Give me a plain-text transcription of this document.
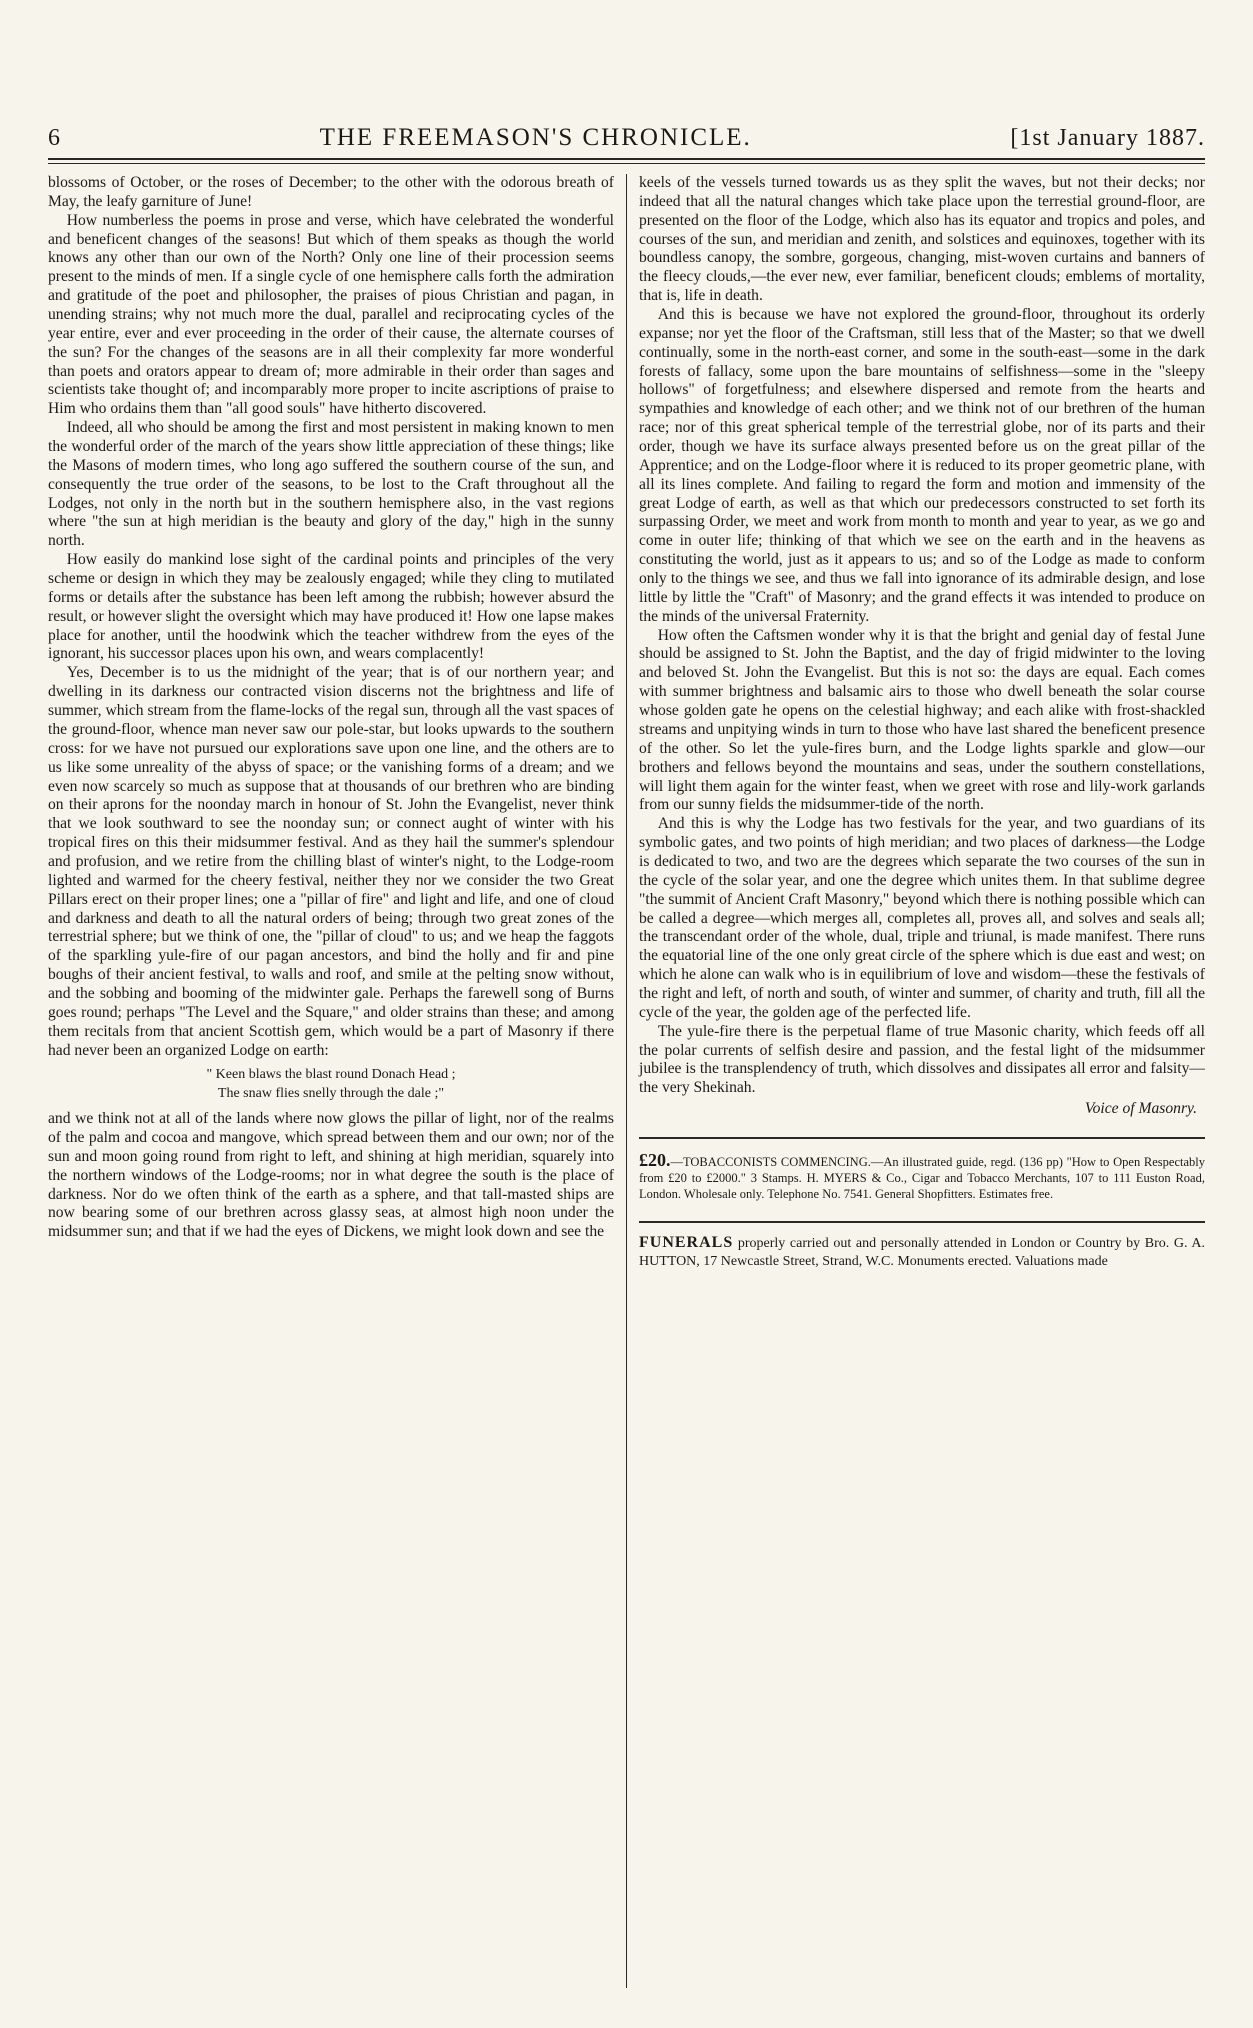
6	THE FREEMASON'S CHRONICLE.	[1st January 1887.

blossoms of October, or the roses of December; to the other with the odorous breath of May, the leafy garniture of June!

How numberless the poems in prose and verse, which have celebrated the wonderful and beneficent changes of the seasons! But which of them speaks as though the world knows any other than our own of the North? Only one line of their procession seems present to the minds of men. If a single cycle of one hemisphere calls forth the admiration and gratitude of the poet and philosopher, the praises of pious Christian and pagan, in unending strains; why not much more the dual, parallel and reciprocating cycles of the year entire, ever and ever proceeding in the order of their cause, the alternate courses of the sun? For the changes of the seasons are in all their complexity far more wonderful than poets and orators appear to dream of; more admirable in their order than sages and scientists take thought of; and incomparably more proper to incite ascriptions of praise to Him who ordains them than "all good souls" have hitherto discovered.

Indeed, all who should be among the first and most persistent in making known to men the wonderful order of the march of the years show little appreciation of these things; like the Masons of modern times, who long ago suffered the southern course of the sun, and consequently the true order of the seasons, to be lost to the Craft throughout all the Lodges, not only in the north but in the southern hemisphere also, in the vast regions where "the sun at high meridian is the beauty and glory of the day," high in the sunny north.

How easily do mankind lose sight of the cardinal points and principles of the very scheme or design in which they may be zealously engaged; while they cling to mutilated forms or details after the substance has been left among the rubbish; however absurd the result, or however slight the oversight which may have produced it! How one lapse makes place for another, until the hoodwink which the teacher withdrew from the eyes of the ignorant, his successor places upon his own, and wears complacently!

Yes, December is to us the midnight of the year; that is of our northern year; and dwelling in its darkness our contracted vision discerns not the brightness and life of summer, which stream from the flame-locks of the regal sun, through all the vast spaces of the ground-floor, whence man never saw our pole-star, but looks upwards to the southern cross: for we have not pursued our explorations save upon one line, and the others are to us like some unreality of the abyss of space; or the vanishing forms of a dream; and we even now scarcely so much as suppose that at thousands of our brethren who are binding on their aprons for the noonday march in honour of St. John the Evangelist, never think that we look southward to see the noonday sun; or connect aught of winter with his tropical fires on this their midsummer festival. And as they hail the summer's splendour and profusion, and we retire from the chilling blast of winter's night, to the Lodge-room lighted and warmed for the cheery festival, neither they nor we consider the two Great Pillars erect on their proper lines; one a "pillar of fire" and light and life, and one of cloud and darkness and death to all the natural orders of being; through two great zones of the terrestrial sphere; but we think of one, the "pillar of cloud" to us; and we heap the faggots of the sparkling yule-fire of our pagan ancestors, and bind the holly and fir and pine boughs of their ancient festival, to walls and roof, and smile at the pelting snow without, and the sobbing and booming of the midwinter gale. Perhaps the farewell song of Burns goes round; perhaps "The Level and the Square," and older strains than these; and among them recitals from that ancient Scottish gem, which would be a part of Masonry if there had never been an organized Lodge on earth:

" Keen blaws the blast round Donach Head ;
The snaw flies snelly through the dale ;"

and we think not at all of the lands where now glows the pillar of light, nor of the realms of the palm and cocoa and mangove, which spread between them and our own; nor of the sun and moon going round from right to left, and shining at high meridian, squarely into the northern windows of the Lodge-rooms; nor in what degree the south is the place of darkness. Nor do we often think of the earth as a sphere, and that tall-masted ships are now bearing some of our brethren across glassy seas, at almost high noon under the midsummer sun; and that if we had the eyes of Dickens, we might look down and see the

keels of the vessels turned towards us as they split the waves, but not their decks; nor indeed that all the natural changes which take place upon the terrestial ground-floor, are presented on the floor of the Lodge, which also has its equator and tropics and poles, and courses of the sun, and meridian and zenith, and solstices and equinoxes, together with its boundless canopy, the sombre, gorgeous, changing, mist-woven curtains and banners of the fleecy clouds,—the ever new, ever familiar, beneficent clouds; emblems of mortality, that is, life in death.

And this is because we have not explored the ground-floor, throughout its orderly expanse; nor yet the floor of the Craftsman, still less that of the Master; so that we dwell continually, some in the north-east corner, and some in the south-east—some in the dark forests of fallacy, some upon the bare mountains of selfishness—some in the "sleepy hollows" of forgetfulness; and elsewhere dispersed and remote from the hearts and sympathies and knowledge of each other; and we think not of our brethren of the human race; nor of this great spherical temple of the terrestrial globe, nor of its parts and their order, though we have its surface always presented before us on the great pillar of the Apprentice; and on the Lodge-floor where it is reduced to its proper geometric plane, with all its lines complete. And failing to regard the form and motion and immensity of the great Lodge of earth, as well as that which our predecessors constructed to set forth its surpassing Order, we meet and work from month to month and year to year, as we go and come in outer life; thinking of that which we see on the earth and in the heavens as constituting the world, just as it appears to us; and so of the Lodge as made to conform only to the things we see, and thus we fall into ignorance of its admirable design, and lose little by little the "Craft" of Masonry; and the grand effects it was intended to produce on the minds of the universal Fraternity.

How often the Caftsmen wonder why it is that the bright and genial day of festal June should be assigned to St. John the Baptist, and the day of frigid midwinter to the loving and beloved St. John the Evangelist. But this is not so: the days are equal. Each comes with summer brightness and balsamic airs to those who dwell beneath the solar course whose golden gate he opens on the celestial highway; and each alike with frost-shackled streams and unpitying winds in turn to those who have last shared the beneficent presence of the other. So let the yule-fires burn, and the Lodge lights sparkle and glow—our brothers and fellows beyond the mountains and seas, under the southern constellations, will light them again for the winter feast, when we greet with rose and lily-work garlands from our sunny fields the midsummer-tide of the north.

And this is why the Lodge has two festivals for the year, and two guardians of its symbolic gates, and two points of high meridian; and two places of darkness—the Lodge is dedicated to two, and two are the degrees which separate the two courses of the sun in the cycle of the solar year, and one the degree which unites them. In that sublime degree "the summit of Ancient Craft Masonry," beyond which there is nothing possible which can be called a degree—which merges all, completes all, proves all, and solves and seals all; the transcendant order of the whole, dual, triple and triunal, is made manifest. There runs the equatorial line of the one only great circle of the sphere which is due east and west; on which he alone can walk who is in equilibrium of love and wisdom—these the festivals of the right and left, of north and south, of winter and summer, of charity and truth, fill all the cycle of the year, the golden age of the perfected life.

The yule-fire there is the perpetual flame of true Masonic charity, which feeds off all the polar currents of selfish desire and passion, and the festal light of the midsummer jubilee is the transplendency of truth, which dissolves and dissipates all error and falsity—the very Shekinah.

Voice of Masonry.

£20.—TOBACCONISTS COMMENCING.—An illustrated guide, regd. (136 pp) "How to Open Respectably from £20 to £2000." 3 Stamps. H. MYERS & Co., Cigar and Tobacco Merchants, 107 to 111 Euston Road, London. Wholesale only. Telephone No. 7541. General Shopfitters. Estimates free.

FUNERALS properly carried out and personally attended in London or Country by Bro. G. A. HUTTON, 17 Newcastle Street, Strand, W.C. Monuments erected. Valuations made
